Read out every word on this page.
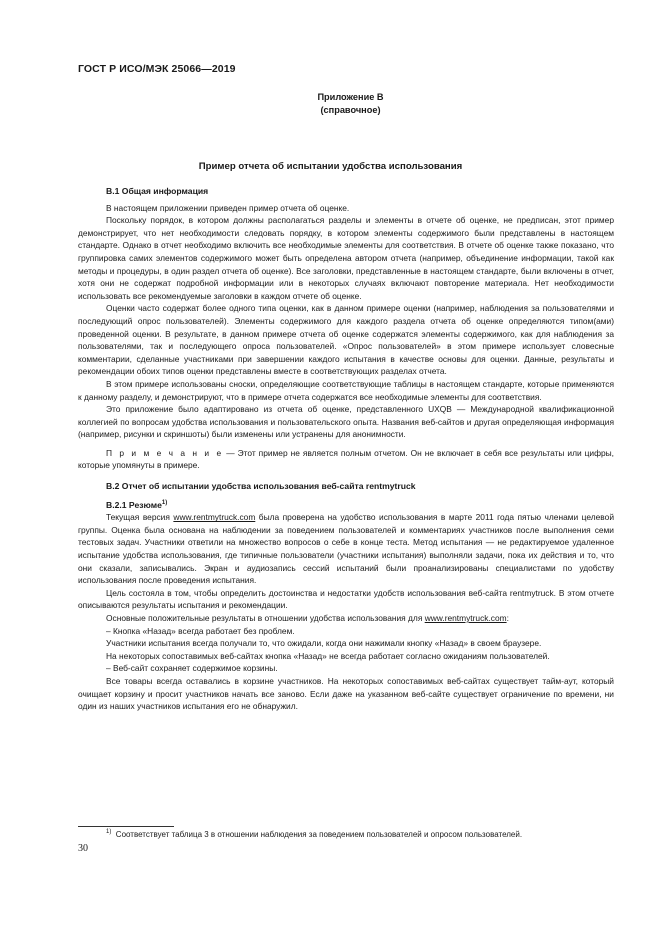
ГОСТ Р ИСО/МЭК 25066—2019
Приложение В
(справочное)
Пример отчета об испытании удобства использования
В.1 Общая информация

В настоящем приложении приведен пример отчета об оценке.

Поскольку порядок, в котором должны располагаться разделы и элементы в отчете об оценке, не предписан, этот пример демонстрирует, что нет необходимости следовать порядку, в котором элементы содержимого были представлены в настоящем стандарте. Однако в отчет необходимо включить все необходимые элементы для соответствия. В отчете об оценке также показано, что группировка самих элементов содержимого может быть определена автором отчета (например, объединение информации, такой как методы и процедуры, в один раздел отчета об оценке). Все заголовки, представленные в настоящем стандарте, были включены в отчет, хотя они не содержат подробной информации или в некоторых случаях включают повторение материала. Нет необходимости использовать все рекомендуемые заголовки в каждом отчете об оценке.

Оценки часто содержат более одного типа оценки, как в данном примере оценки (например, наблюдения за пользователями и последующий опрос пользователей). Элементы содержимого для каждого раздела отчета об оценке определяются типом(ами) проведенной оценки. В результате, в данном примере отчета об оценке содержатся элементы содержимого, как для наблюдения за пользователями, так и последующего опроса пользователей. «Опрос пользователей» в этом примере использует словесные комментарии, сделанные участниками при завершении каждого испытания в качестве основы для оценки. Данные, результаты и рекомендации обоих типов оценки представлены вместе в соответствующих разделах отчета.

В этом примере использованы сноски, определяющие соответствующие таблицы в настоящем стандарте, которые применяются к данному разделу, и демонстрируют, что в примере отчета содержатся все необходимые элементы для соответствия.

Это приложение было адаптировано из отчета об оценке, представленного UXQB — Международной квалификационной коллегией по вопросам удобства использования и пользовательского опыта. Названия веб-сайтов и другая определяющая информация (например, рисунки и скриншоты) были изменены или устранены для анонимности.

П р и м е ч а н и е — Этот пример не является полным отчетом. Он не включает в себя все результаты или цифры, которые упомянуты в примере.

В.2 Отчет об испытании удобства использования веб-сайта rentmytruck
В.2.1 Резюме$^{1)}$

Текущая версия www.rentmytruck.com была проверена на удобство использования в марте 2011 года пятью членами целевой группы. Оценка была основана на наблюдении за поведением пользователей и комментариях участников после выполнения семи тестовых задач. Участники ответили на множество вопросов о себе в конце теста. Метод испытания — не редактируемое удаленное испытание удобства использования, где типичные пользователи (участники испытания) выполняли задачи, пока их действия и то, что они сказали, записывались. Экран и аудиозапись сессий испытаний были проанализированы специалистами по удобству использования после проведения испытания.

Цель состояла в том, чтобы определить достоинства и недостатки удобств использования веб-сайта rentmytruck. В этом отчете описываются результаты испытания и рекомендации.

Основные положительные результаты в отношении удобства использования для www.rentmytruck.com:

– Кнопка «Назад» всегда работает без проблем.

Участники испытания всегда получали то, что ожидали, когда они нажимали кнопку «Назад» в своем браузере.

На некоторых сопоставимых веб-сайтах кнопка «Назад» не всегда работает согласно ожиданиям пользователей.

– Веб-сайт сохраняет содержимое корзины.

Все товары всегда оставались в корзине участников. На некоторых сопоставимых веб-сайтах существует тайм-аут, который очищает корзину и просит участников начать все заново. Если даже на указанном веб-сайте существует ограничение по времени, ни один из наших участников испытания его не обнаружил.

$^{1)}$ Соответствует таблица 3 в отношении наблюдения за поведением пользователей и опросом пользователей.
30
